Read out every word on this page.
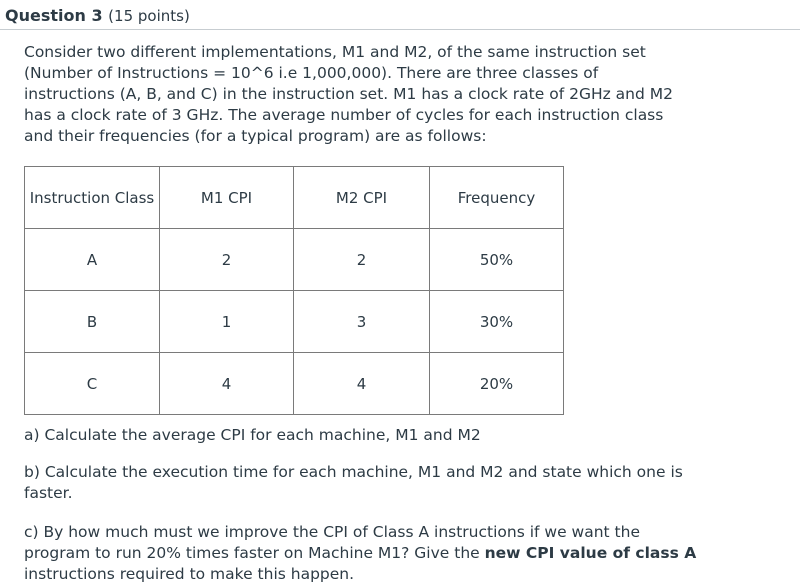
Question 3 (15 points)

Consider two different implementations, M1 and M2, of the same instruction set

(Number of Instructions = 10^6 i.e 1,000,000). There are three classes of

instructions (A, B, and C) in the instruction set. M1 has a clock rate of 2GHz and M2

has a clock rate of 3 GHz. The average number of cycles for each instruction class

and their frequencies (for a typical program) are as follows:

Instruction Class	M1 CPI	M2 CPI	Frequency
A	2	2	50%
B	1	3	30%
C	4	4	20%

a) Calculate the average CPI for each machine, M1 and M2

b) Calculate the execution time for each machine, M1 and M2 and state which one is
faster.
c) By how much must we improve the CPI of Class A instructions if we want the
program to run 20% times faster on Machine M1? Give the new CPI value of class A
instructions required to make this happen.
